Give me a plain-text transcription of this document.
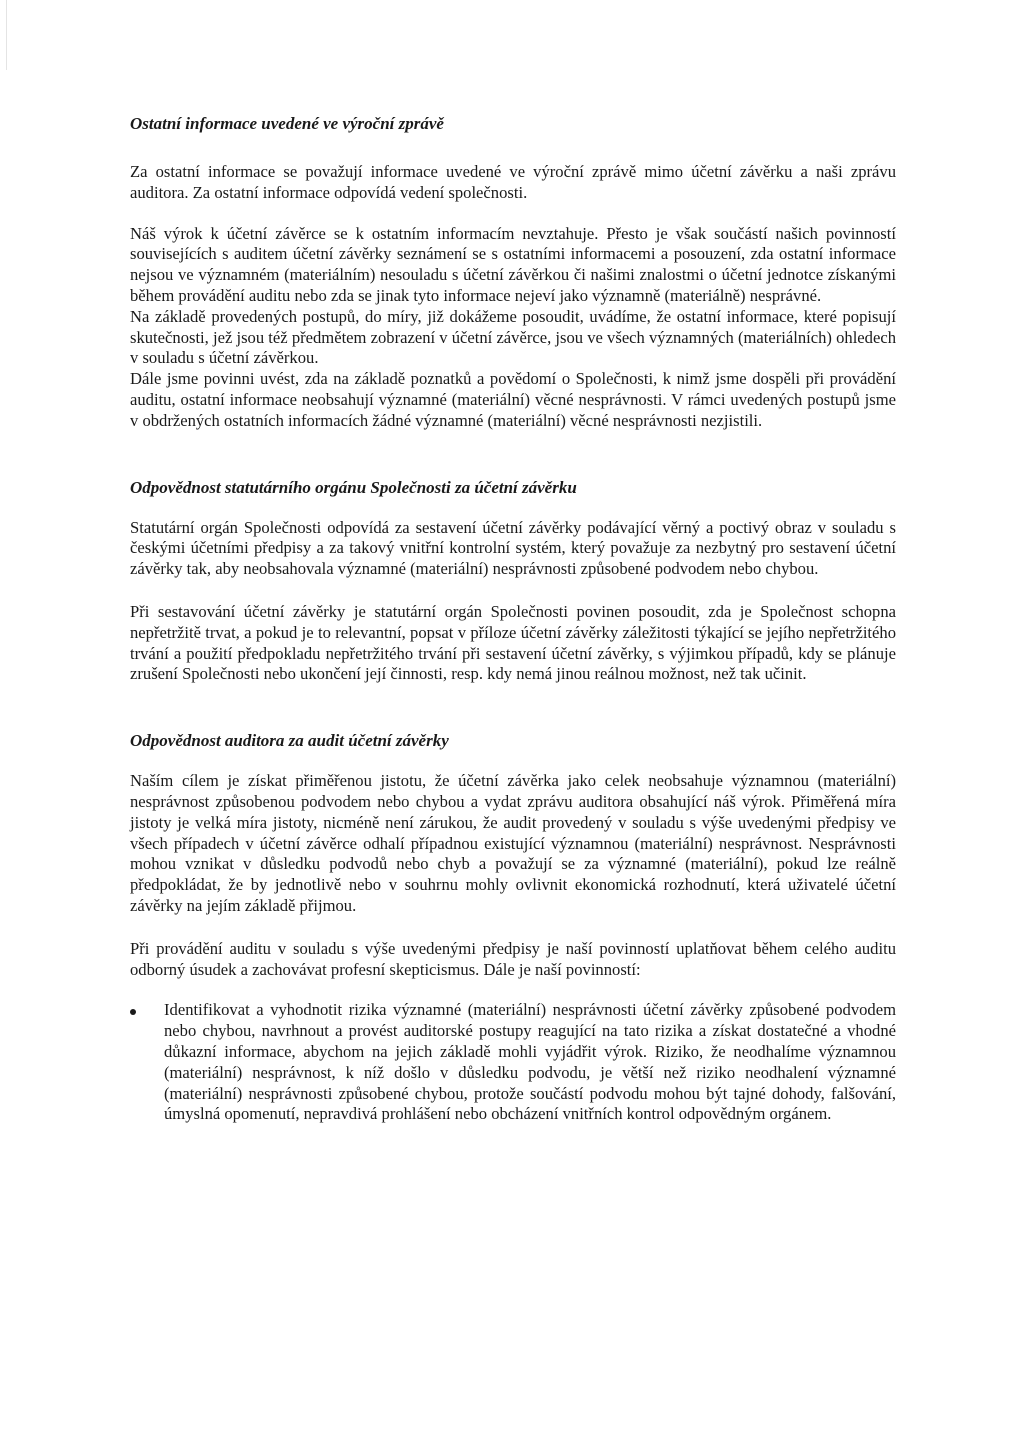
Ostatní informace uvedené ve výroční zprávě

Za ostatní informace se považují informace uvedené ve výroční zprávě mimo účetní závěrku a naši zprávu auditora. Za ostatní informace odpovídá vedení společnosti.

Náš výrok k účetní závěrce se k ostatním informacím nevztahuje. Přesto je však součástí našich povinností souvisejících s auditem účetní závěrky seznámení se s ostatními informacemi a posouzení, zda ostatní informace nejsou ve významném (materiálním) nesouladu s účetní závěrkou či našimi znalostmi o účetní jednotce získanými během provádění auditu nebo zda se jinak tyto informace nejeví jako významně (materiálně) nesprávné.

Na základě provedených postupů, do míry, již dokážeme posoudit, uvádíme, že ostatní informace, které popisují skutečnosti, jež jsou též předmětem zobrazení v účetní závěrce, jsou ve všech významných (materiálních) ohledech v souladu s účetní závěrkou.

Dále jsme povinni uvést, zda na základě poznatků a povědomí o Společnosti, k nimž jsme dospěli při provádění auditu, ostatní informace neobsahují významné (materiální) věcné nesprávnosti. V rámci uvedených postupů jsme v obdržených ostatních informacích žádné významné (materiální) věcné nesprávnosti nezjistili.

Odpovědnost statutárního orgánu Společnosti za účetní závěrku

Statutární orgán Společnosti odpovídá za sestavení účetní závěrky podávající věrný a poctivý obraz v souladu s českými účetními předpisy a za takový vnitřní kontrolní systém, který považuje za nezbytný pro sestavení účetní závěrky tak, aby neobsahovala významné (materiální) nesprávnosti způsobené podvodem nebo chybou.

Při sestavování účetní závěrky je statutární orgán Společnosti povinen posoudit, zda je Společnost schopna nepřetržitě trvat, a pokud je to relevantní, popsat v příloze účetní závěrky záležitosti týkající se jejího nepřetržitého trvání a použití předpokladu nepřetržitého trvání při sestavení účetní závěrky, s výjimkou případů, kdy se plánuje zrušení Společnosti nebo ukončení její činnosti, resp. kdy nemá jinou reálnou možnost, než tak učinit.

Odpovědnost auditora za audit účetní závěrky

Naším cílem je získat přiměřenou jistotu, že účetní závěrka jako celek neobsahuje významnou (materiální) nesprávnost způsobenou podvodem nebo chybou a vydat zprávu auditora obsahující náš výrok. Přiměřená míra jistoty je velká míra jistoty, nicméně není zárukou, že audit provedený v souladu s výše uvedenými předpisy ve všech případech v účetní závěrce odhalí případnou existující významnou (materiální) nesprávnost. Nesprávnosti mohou vznikat v důsledku podvodů nebo chyb a považují se za významné (materiální), pokud lze reálně předpokládat, že by jednotlivě nebo v souhrnu mohly ovlivnit ekonomická rozhodnutí, která uživatelé účetní závěrky na jejím základě přijmou.

Při provádění auditu v souladu s výše uvedenými předpisy je naší povinností uplatňovat během celého auditu odborný úsudek a zachovávat profesní skepticismus. Dále je naší povinností:

Identifikovat a vyhodnotit rizika významné (materiální) nesprávnosti účetní závěrky způsobené podvodem nebo chybou, navrhnout a provést auditorské postupy reagující na tato rizika a získat dostatečné a vhodné důkazní informace, abychom na jejich základě mohli vyjádřit výrok. Riziko, že neodhalíme významnou (materiální) nesprávnost, k níž došlo v důsledku podvodu, je větší než riziko neodhalení významné (materiální) nesprávnosti způsobené chybou, protože součástí podvodu mohou být tajné dohody, falšování, úmyslná opomenutí, nepravdivá prohlášení nebo obcházení vnitřních kontrol odpovědným orgánem.
